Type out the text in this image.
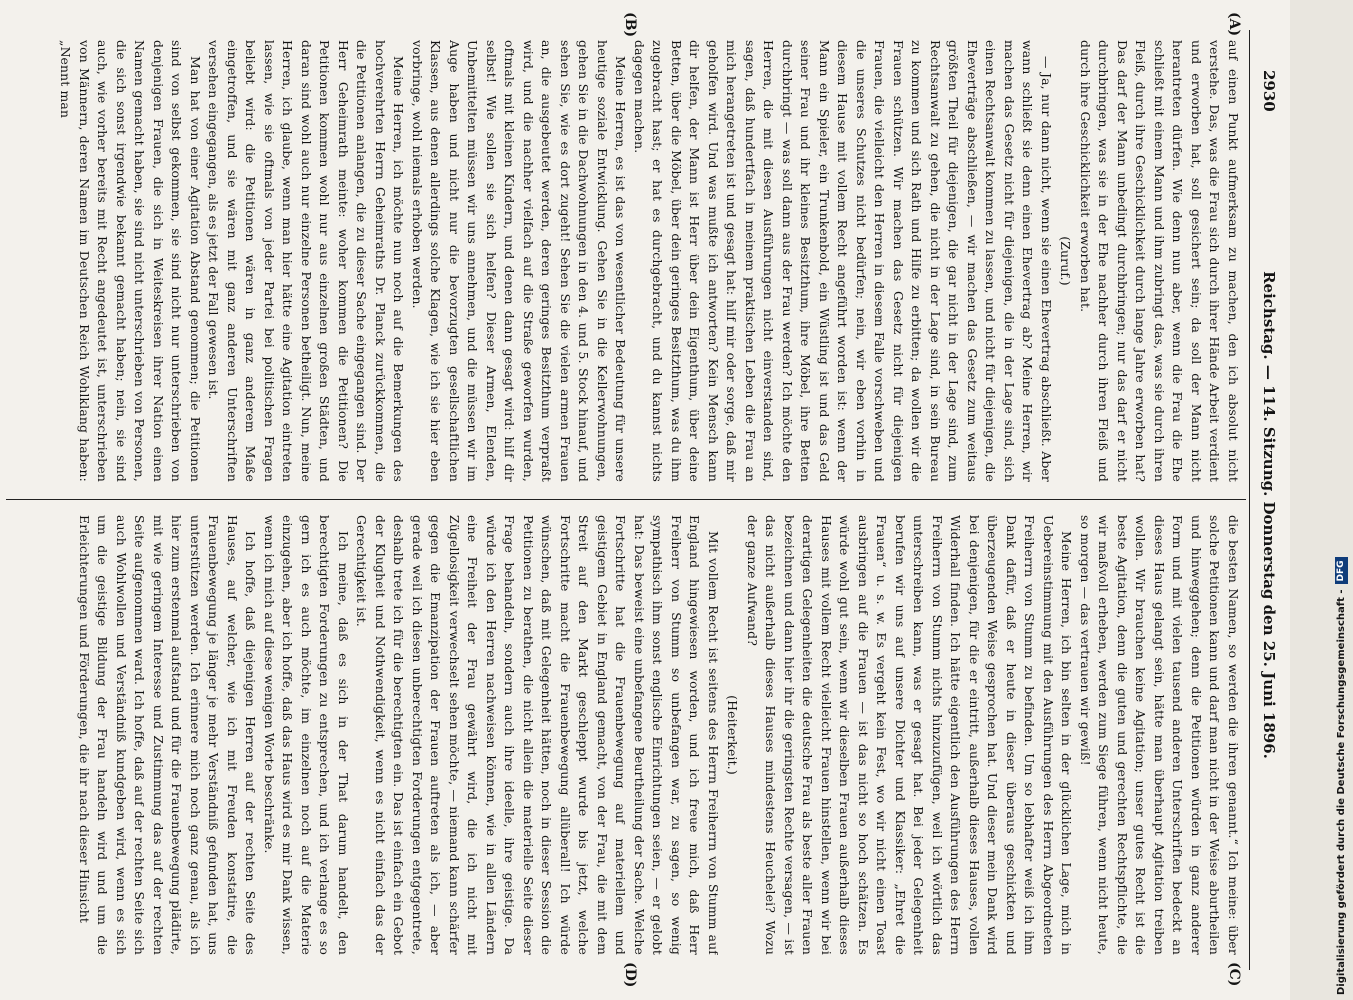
2930
Reichstag. — 114. Sitzung. Donnerstag den 25. Juni 1896.
(A)
(B)
(C)
(D)

auf einen Punkt aufmerksam zu machen, den ich absolut nicht verstehe. Das, was die Frau sich durch ihrer Hände Arbeit verdient und erworben hat, soll gesichert sein; da soll der Mann nicht herantreten dürfen. Wie denn nun aber, wenn die Frau die Ehe schließt mit einem Mann und ihm zubringt das, was sie durch ihren Fleiß, durch ihre Geschicklichkeit durch lange Jahre erworben hat? Das darf der Mann unbedingt durchbringen; nur das darf er nicht durchbringen, was sie in der Ehe nachher durch ihren Fleiß und durch ihre Geschicklichkeit erworben hat.

(Zuruf.)

— Ja, nur dann nicht, wenn sie einen Ehevertrag abschließt. Aber wann schließt sie denn einen Ehevertrag ab? Meine Herren, wir machen das Gesetz nicht für diejenigen, die in der Lage sind, sich einen Rechtsanwalt kommen zu lassen, und nicht für diejenigen, die Eheverträge abschließen, — wir machen das Gesetz zum weitaus größten Theil für diejenigen, die gar nicht in der Lage sind, zum Rechtsanwalt zu gehen, die nicht in der Lage sind, in sein Bureau zu kommen und sich Rath und Hilfe zu erbitten; da wollen wir die Frauen schützen. Wir machen das Gesetz nicht für diejenigen Frauen, die vielleicht den Herren in diesem Falle vorschweben und die unseres Schutzes nicht bedürfen; nein, wir eben vorhin in diesem Hause mit vollem Recht angeführt worden ist: wenn der Mann ein Spieler, ein Trunkenbold, ein Wüstling ist und das Geld seiner Frau und ihr kleines Besitzthum, ihre Möbel, ihre Betten durchbringt — was soll dann aus der Frau werden? Ich möchte den Herren, die mit diesen Ausführungen nicht einverstanden sind, sagen, daß hundertfach in meinem praktischen Leben die Frau an mich herangetreten ist und gesagt hat: hilf mir oder sorge, daß mir geholfen wird. Und was mußte ich antworten? Kein Mensch kann dir helfen, der Mann ist Herr über dein Eigenthum, über deine Betten, über die Möbel, über dein geringes Besitzthum, was du ihm zugebracht hast; er hat es durchgebracht, und du kannst nichts dagegen machen.

Meine Herren, es ist das von wesentlicher Bedeutung für unsere heutige soziale Entwicklung. Gehen Sie in die Kellerwohnungen, gehen Sie in die Dachwohnungen in den 4. und 5. Stock hinauf, und sehen Sie, wie es dort zugeht! Sehen Sie die vielen armen Frauen an, die ausgebeutet werden, deren geringes Besitzthum verpraßt wird, und die nachher vielfach auf die Straße geworfen wurden, oftmals mit kleinen Kindern, und denen dann gesagt wird: hilf dir selbst! Wie sollen sie sich helfen? Dieser Armen, Elenden, Unbemittelten müssen wir uns annehmen, und die müssen wir im Auge haben und nicht nur die bevorzugten gesellschaftlichen Klassen, aus denen allerdings solche Klagen, wie ich sie hier eben vorbringe, wohl niemals erhoben werden.

Meine Herren, ich möchte nun noch auf die Bemerkungen des hochverehrten Herrn Geheimraths Dr. Planck zurückkommen, die die Petitionen anlangen, die zu dieser Sache eingegangen sind. Der Herr Geheimrath meinte: woher kommen die Petitionen? Die Petitionen kommen wohl nur aus einzelnen großen Städten, und daran sind wohl auch nur einzelne Personen betheiligt. Nun, meine Herren, ich glaube, wenn man hier hätte eine Agitation eintreten lassen, wie sie oftmals von jeder Partei bei politischen Fragen beliebt wird: die Petitionen wären in ganz anderem Maße eingetroffen, und sie wären mit ganz anderen Unterschriften versehen eingegangen, als es jetzt der Fall gewesen ist.

Man hat von einer Agitation Abstand genommen; die Petitionen sind von selbst gekommen, sie sind nicht nur unterschrieben von denjenigen Frauen, die sich in Weiteskreisen ihrer Nation einen Namen gemacht haben, sie sind nicht unterschrieben von Personen, die sich sonst irgendwie bekannt gemacht haben; nein, sie sind auch, wie vorher bereits mit Recht angedeutet ist, unterschrieben von Männern, deren Namen im Deutschen Reich Wohlklang haben: „Nennt man

die besten Namen, so werden die ihren genannt.“ Ich meine: über solche Petitionen kann und darf man nicht in der Weise aburtheilen und hinweggehen; denn die Petitionen würden in ganz anderer Form und mit vielen tausend anderen Unterschriften bedeckt an dieses Haus gelangt sein, hätte man überhaupt Agitation treiben wollen. Wir brauchen keine Agitation; unser gutes Recht ist die beste Agitation, denn die guten und gerechten Rechtspflichte, die wir maßvoll erheben, werden zum Siege führen, wenn nicht heute, so morgen — das vertrauen wir gewiß!

Meine Herren, ich bin selten in der glücklichen Lage, mich in Uebereinstimmung mit den Ausführungen des Herrn Abgeordneten Freiherrn von Stumm zu befinden. Um so lebhafter weiß ich ihm Dank dafür, daß er heute in dieser überaus geschickten und überzeugenden Weise gesprochen hat. Und dieser mein Dank wird bei denjenigen, für die er eintritt, außerhalb dieses Hauses, vollen Widerhall finden. Ich hätte eigentlich den Ausführungen des Herrn Freiherrn von Stumm nichts hinzuzufügen, weil ich wörtlich das unterschreiben kann, was er gesagt hat. Bei jeder Gelegenheit berufen wir uns auf unsere Dichter und Klassiker: „Ehret die Frauen“ u. s. w. Es vergeht kein Fest, wo wir nicht einen Toast ausbringen auf die Frauen — ist das nicht so hoch schätzen. Es würde wohl gut sein, wenn wir dieselben Frauen außerhalb dieses Hauses mit vollem Recht vielleicht Frauen hinstellen, wenn wir bei derartigen Gelegenheiten die deutsche Frau als beste aller Frauen bezeichnen und dann hier ihr die geringsten Rechte versagen, — ist das nicht außerhalb dieses Hauses mindestens Heuchelei? Wozu der ganze Aufwand?

(Heiterkeit.)

Mit vollem Recht ist seitens des Herrn Freiherrn von Stumm auf England hingewiesen worden, und ich freue mich, daß Herr Freiherr von Stumm so unbefangen war, zu sagen, so wenig sympathisch ihm sonst englische Einrichtungen seien, — er gelobt hat: Das beweist eine unbefangene Beurtheilung der Sache. Welche Fortschritte hat die Frauenbewegung auf materiellem und geistigem Gebiet in England gemacht, von der Frau, die mit dem Streit auf den Markt geschleppt wurde bis jetzt, welche Fortschritte macht die Frauenbewegung allüberall! Ich würde wünschen, daß mit Gelegenheit hätten, noch in dieser Session die Petitionen zu berathen, die nicht allein die materielle Seite dieser Frage behandeln, sondern auch ihre ideelle, ihre geistige. Da würde ich den Herren nachweisen können, wie in allen Ländern eine Freiheit der Frau gewährt wird, die ich nicht mit Zügellosigkeit verwechselt sehen möchte, — niemand kann schärfer gegen die Emanzipation der Frauen auftreten als ich, — aber gerade weil ich diesen unberechtigten Forderungen entgegentrete, deshalb trete ich für die berechtigten ein. Das ist einfach ein Gebot der Klugheit und Nothwendigkeit, wenn es nicht einfach das der Gerechtigkeit ist.

Ich meine, daß es sich in der That darum handelt, den berechtigten Forderungen zu entsprechen, und ich verlange es so gern ich es auch möchte, im einzelnen noch auf die Materie einzugehen, aber ich hoffe, daß das Haus wird es mir Dank wissen, wenn ich mich auf diese wenigen Worte beschränke.

Ich hoffe, daß diejenigen Herren auf der rechten Seite des Hauses, auf welcher, wie ich mit Freuden konstatire, die Frauenbewegung je länger je mehr Verständniß gefunden hat, uns unterstützen werden. Ich erinnere mich noch ganz genau, als ich hier zum erstenmal aufstand und für die Frauenbewegung plädirte, mit wie geringem Interesse und Zustimmung das auf der rechten Seite aufgenommen ward. Ich hoffe, daß auf der rechten Seite sich auch Wohlwollen und Verständniß kundgeben wird, wenn es sich um die geistige Bildung der Frau handeln wird und um die Erleichterungen und Förderungen, die ihr nach dieser Hinsicht	Digitalisierung gefördert durch die Deutsche Forschungsgemeinschaft -DFG
